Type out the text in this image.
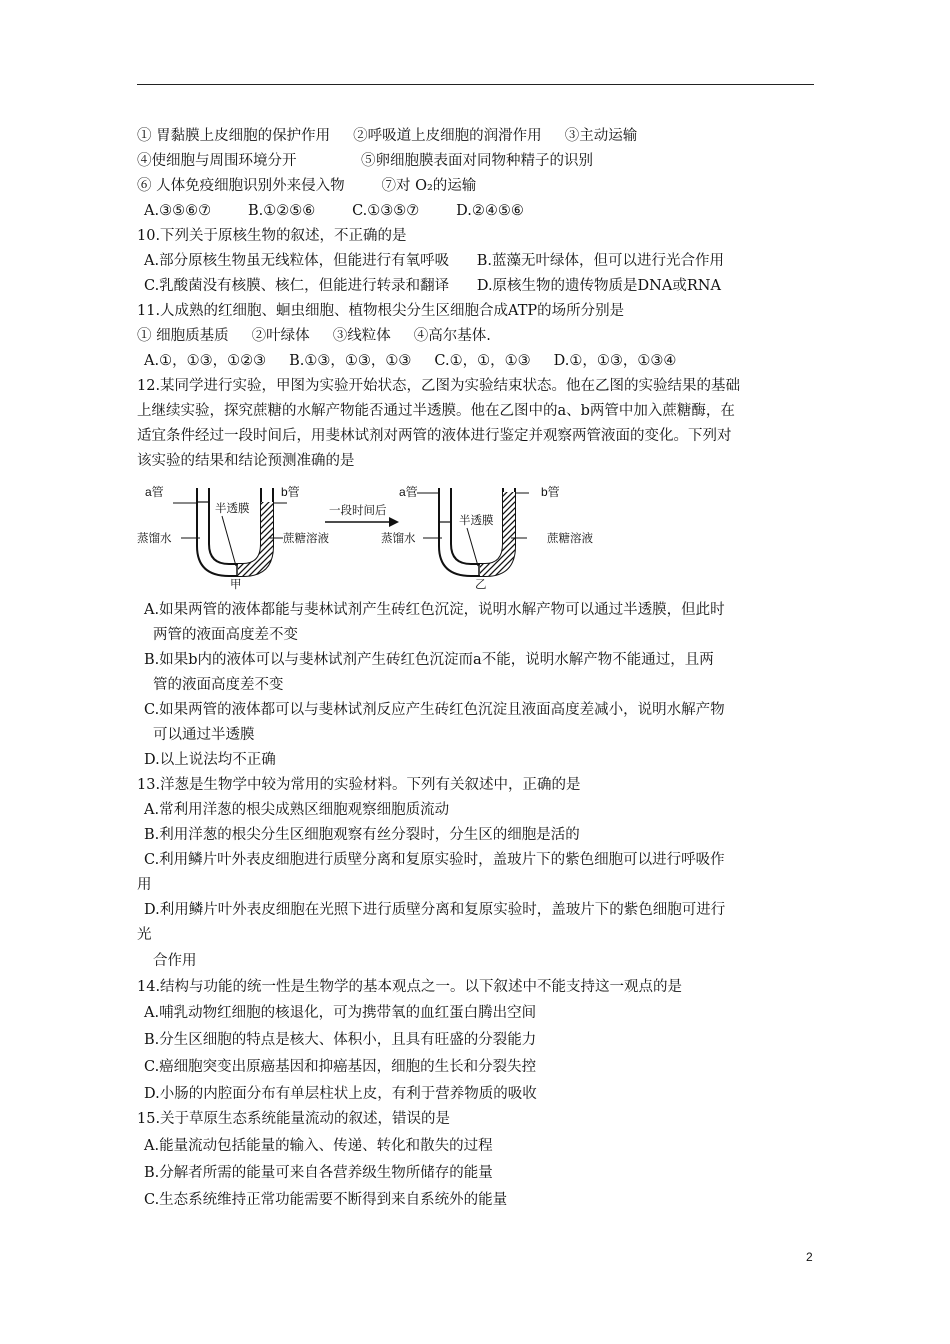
① 胃黏膜上皮细胞的保护作用     ②呼吸道上皮细胞的润滑作用     ③主动运输
④使细胞与周围环境分开              ⑤卵细胞膜表面对同物种精子的识别
⑥ 人体免疫细胞识别外来侵入物        ⑦对 O₂的运输
A.③⑤⑥⑦        B.①②⑤⑥        C.①③⑤⑦        D.②④⑤⑥
10.下列关于原核生物的叙述，不正确的是
A.部分原核生物虽无线粒体，但能进行有氧呼吸      B.蓝藻无叶绿体，但可以进行光合作用
C.乳酸菌没有核膜、核仁，但能进行转录和翻译      D.原核生物的遗传物质是DNA或RNA
11.人成熟的红细胞、蛔虫细胞、植物根尖分生区细胞合成ATP的场所分别是
① 细胞质基质     ②叶绿体     ③线粒体     ④高尔基体.
A.①，①③，①②③     B.①③，①③，①③     C.①，①，①③     D.①，①③，①③④
12.某同学进行实验，甲图为实验开始状态，乙图为实验结束状态。他在乙图的实验结果的基础
上继续实验，探究蔗糖的水解产物能否通过半透膜。他在乙图中的a、b两管中加入蔗糖酶，在
适宜条件经过一段时间后，用斐林试剂对两管的液体进行鉴定并观察两管液面的变化。下列对
该实验的结果和结论预测准确的是
a管	b管
蒸馏水
半透膜
蔗糖溶液
甲
一段时间后
a管	b管
蒸馏水
半透膜
蔗糖溶液
乙
A.如果两管的液体都能与斐林试剂产生砖红色沉淀，说明水解产物可以通过半透膜，但此时
两管的液面高度差不变
B.如果b内的液体可以与斐林试剂产生砖红色沉淀而a不能，说明水解产物不能通过，且两
管的液面高度差不变
C.如果两管的液体都可以与斐林试剂反应产生砖红色沉淀且液面高度差减小，说明水解产物
可以通过半透膜
D.以上说法均不正确
13.洋葱是生物学中较为常用的实验材料。下列有关叙述中，正确的是
A.常利用洋葱的根尖成熟区细胞观察细胞质流动
B.利用洋葱的根尖分生区细胞观察有丝分裂时，分生区的细胞是活的
C.利用鳞片叶外表皮细胞进行质壁分离和复原实验时，盖玻片下的紫色细胞可以进行呼吸作
用
D.利用鳞片叶外表皮细胞在光照下进行质壁分离和复原实验时，盖玻片下的紫色细胞可进行
光
合作用
14.结构与功能的统一性是生物学的基本观点之一。以下叙述中不能支持这一观点的是
A.哺乳动物红细胞的核退化，可为携带氧的血红蛋白腾出空间
B.分生区细胞的特点是核大、体积小，且具有旺盛的分裂能力
C.癌细胞突变出原癌基因和抑癌基因，细胞的生长和分裂失控
D.小肠的内腔面分布有单层柱状上皮，有利于营养物质的吸收
15.关于草原生态系统能量流动的叙述，错误的是
A.能量流动包括能量的输入、传递、转化和散失的过程
B.分解者所需的能量可来自各营养级生物所储存的能量
C.生态系统维持正常功能需要不断得到来自系统外的能量
2
